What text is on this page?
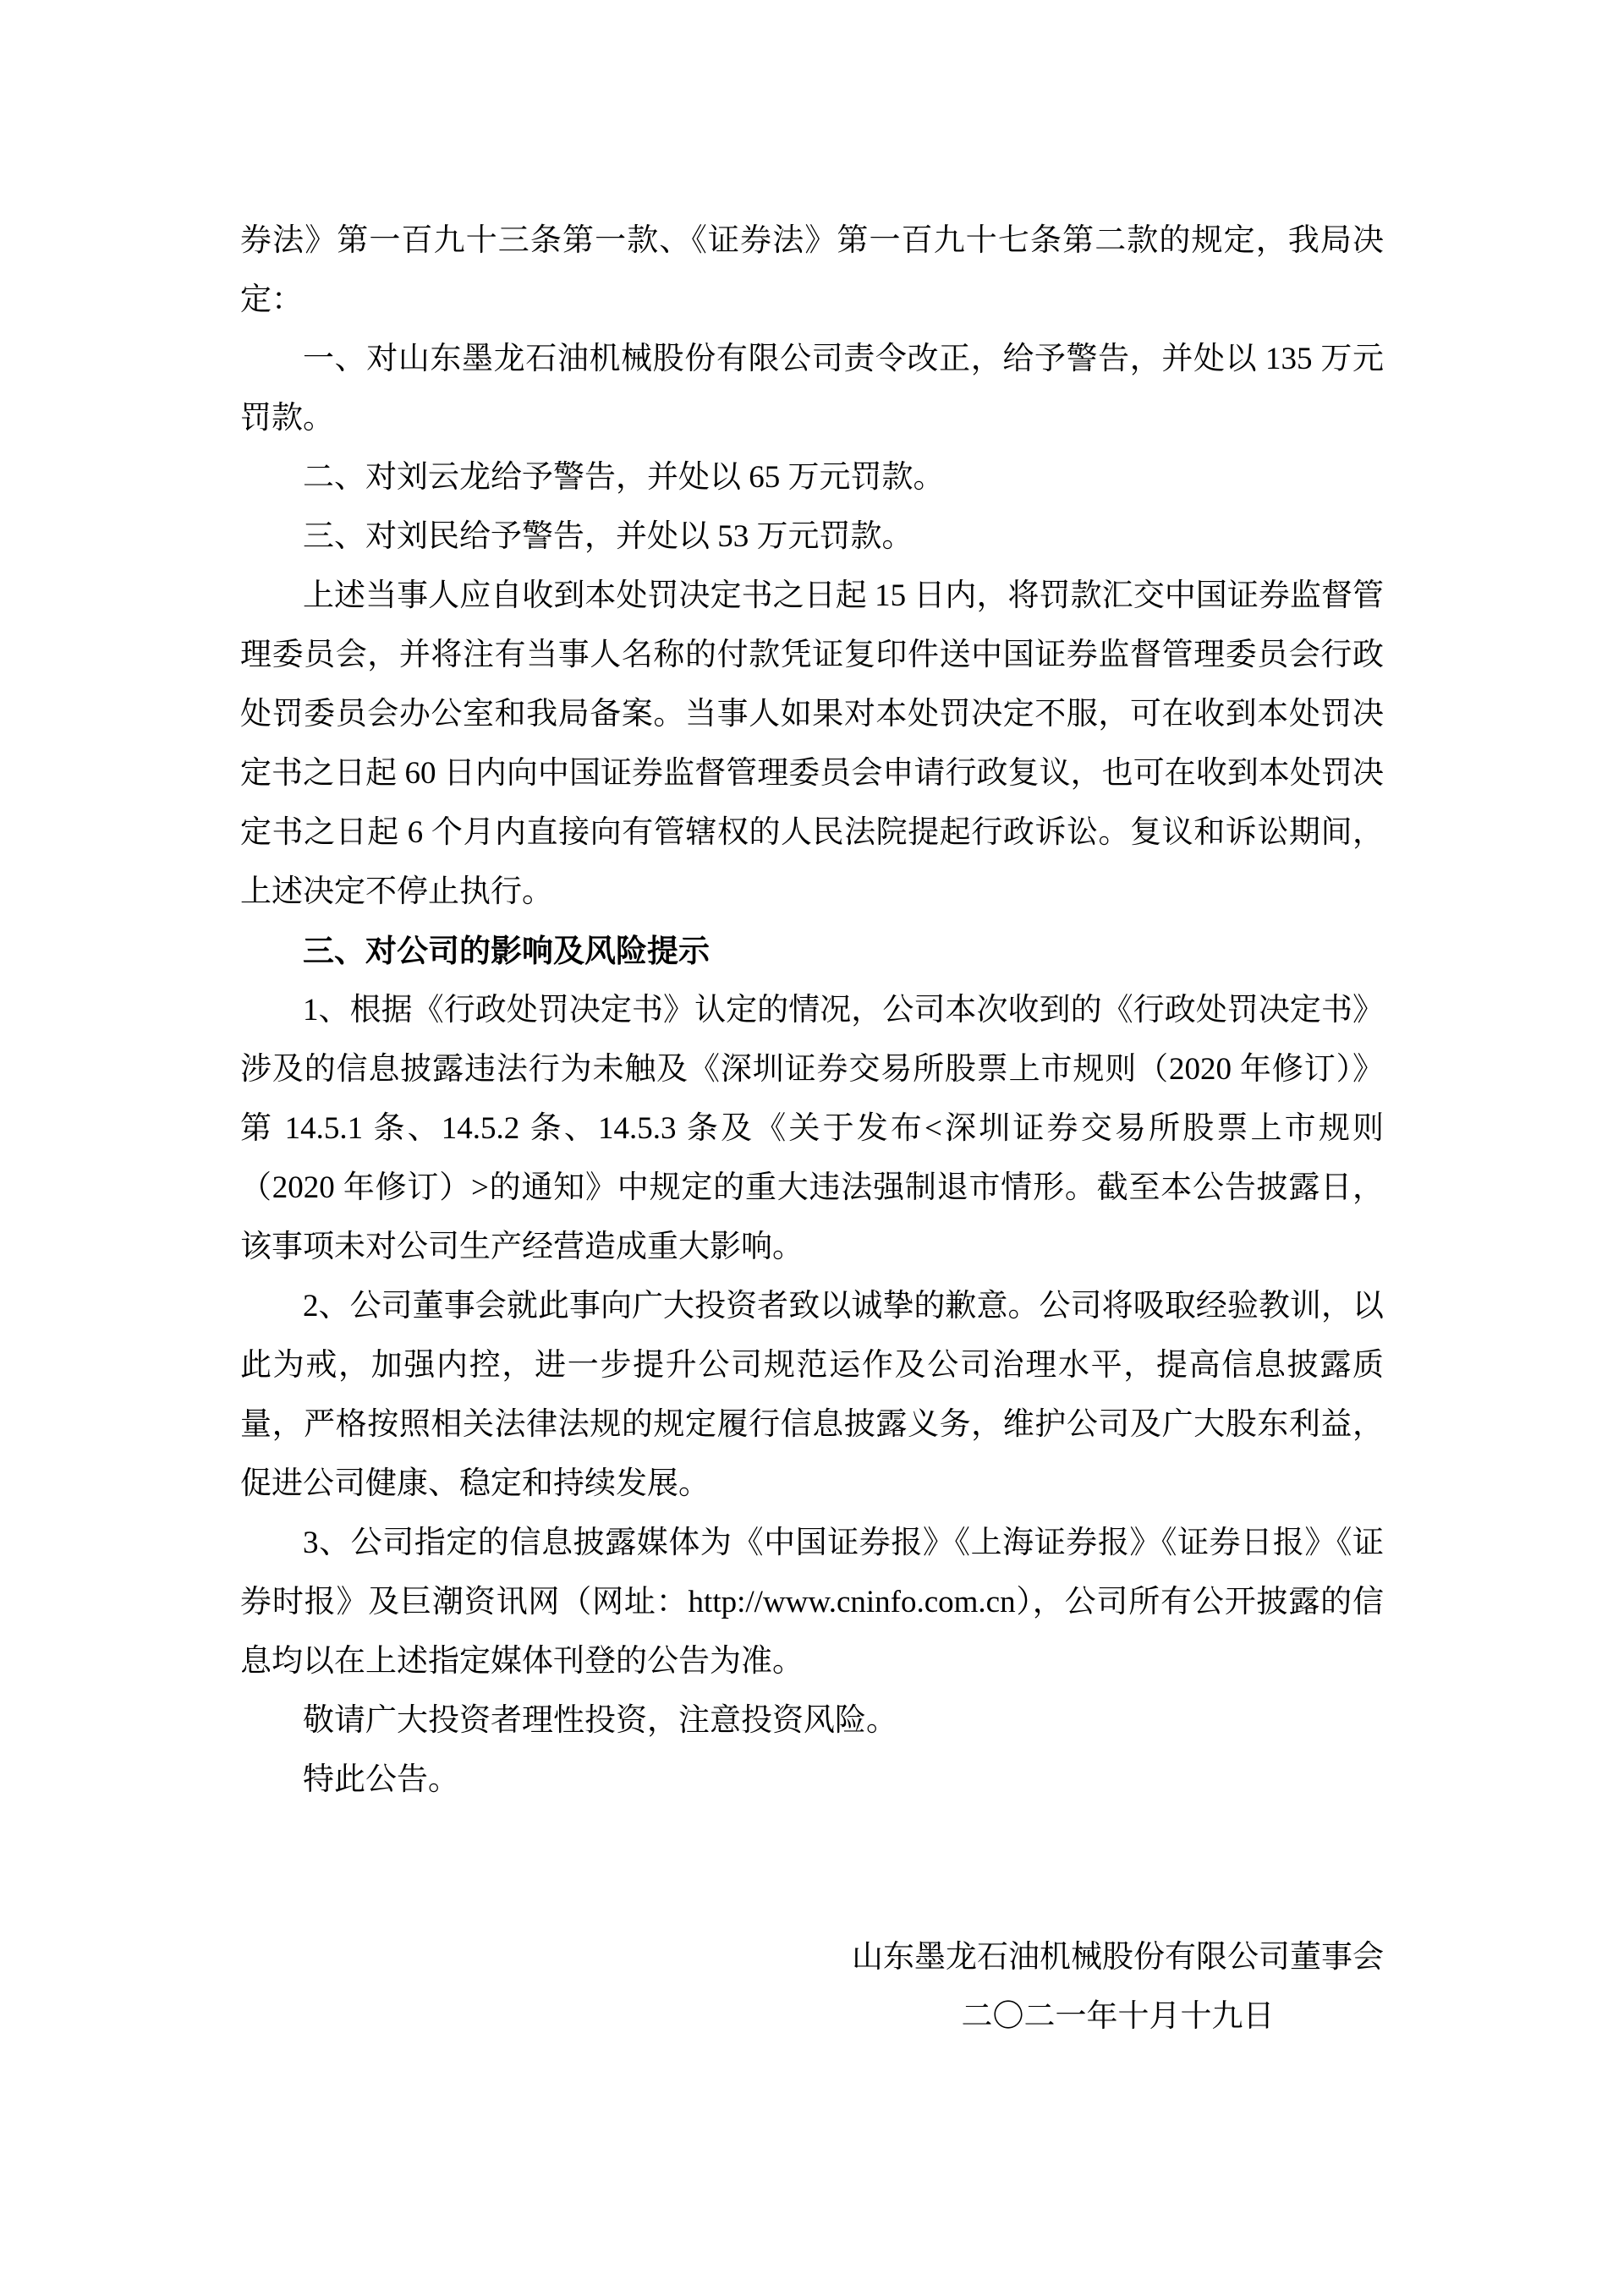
券法》第一百九十三条第一款、《证券法》第一百九十七条第二款的规定，我局决定：

一、对山东墨龙石油机械股份有限公司责令改正，给予警告，并处以 135 万元罚款。

二、对刘云龙给予警告，并处以 65 万元罚款。

三、对刘民给予警告，并处以 53 万元罚款。

上述当事人应自收到本处罚决定书之日起 15 日内，将罚款汇交中国证券监督管理委员会，并将注有当事人名称的付款凭证复印件送中国证券监督管理委员会行政处罚委员会办公室和我局备案。当事人如果对本处罚决定不服，可在收到本处罚决定书之日起 60 日内向中国证券监督管理委员会申请行政复议，也可在收到本处罚决定书之日起 6 个月内直接向有管辖权的人民法院提起行政诉讼。复议和诉讼期间，上述决定不停止执行。

三、对公司的影响及风险提示

1、根据《行政处罚决定书》认定的情况，公司本次收到的《行政处罚决定书》涉及的信息披露违法行为未触及《深圳证券交易所股票上市规则（2020 年修订）》第 14.5.1 条、14.5.2 条、14.5.3 条及《关于发布<深圳证券交易所股票上市规则（2020 年修订）>的通知》中规定的重大违法强制退市情形。截至本公告披露日，该事项未对公司生产经营造成重大影响。

2、公司董事会就此事向广大投资者致以诚挚的歉意。公司将吸取经验教训，以此为戒，加强内控，进一步提升公司规范运作及公司治理水平，提高信息披露质量，严格按照相关法律法规的规定履行信息披露义务，维护公司及广大股东利益，促进公司健康、稳定和持续发展。

3、公司指定的信息披露媒体为《中国证券报》《上海证券报》《证券日报》《证券时报》及巨潮资讯网（网址：http://www.cninfo.com.cn），公司所有公开披露的信息均以在上述指定媒体刊登的公告为准。

敬请广大投资者理性投资，注意投资风险。

特此公告。

山东墨龙石油机械股份有限公司董事会

二〇二一年十月十九日
